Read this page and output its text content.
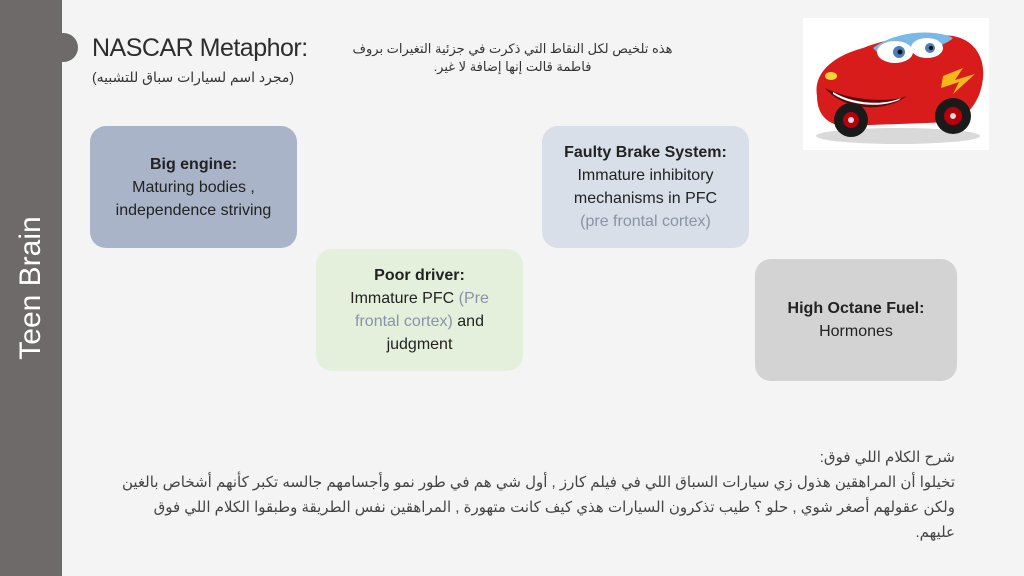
Teen Brain
NASCAR Metaphor:
(مجرد اسم لسيارات سباق للتشبيه)
هذه تلخيص لكل النقاط التي ذكرت في جزئية التغيرات بروف فاطمة قالت إنها إضافة لا غير.
Big engine:
Maturing bodies ,
independence striving
Faulty Brake System:
Immature inhibitory
mechanisms in PFC
(pre frontal cortex)
Poor driver:
Immature PFC (Pre
frontal cortex) and
judgment
High Octane Fuel:
Hormones
شرح الكلام اللي فوق:
تخيلوا أن المراهقين هذول زي سيارات السباق اللي في فيلم كارز , أول شي هم في طور نمو وأجسامهم جالسه تكبر كأنهم أشخاص بالغين ولكن عقولهم أصغر شوي , حلو ؟ طيب تذكرون السيارات هذي كيف كانت متهورة , المراهقين نفس الطريقة وطبقوا الكلام اللي فوق عليهم.
